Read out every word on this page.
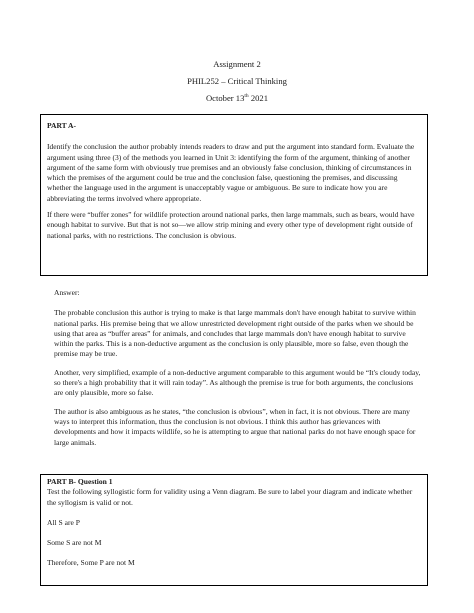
Assignment 2
PHIL252 – Critical Thinking
October 13th 2021
PART A-

Identify the conclusion the author probably intends readers to draw and put the argument into standard form. Evaluate the argument using three (3) of the methods you learned in Unit 3: identifying the form of the argument, thinking of another argument of the same form with obviously true premises and an obviously false conclusion, thinking of circumstances in which the premises of the argument could be true and the conclusion false, questioning the premises, and discussing whether the language used in the argument is unacceptably vague or ambiguous. Be sure to indicate how you are abbreviating the terms involved where appropriate.

If there were “buffer zones” for wildlife protection around national parks, then large mammals, such as bears, would have enough habitat to survive. But that is not so—we allow strip mining and every other type of development right outside of national parks, with no restrictions. The conclusion is obvious.

Answer:

The probable conclusion this author is trying to make is that large mammals don't have enough habitat to survive within national parks. His premise being that we allow unrestricted development right outside of the parks when we should be using that area as “buffer areas” for animals, and concludes that large mammals don't have enough habitat to survive within the parks. This is a non-deductive argument as the conclusion is only plausible, more so false, even though the premise may be true.

Another, very simplified, example of a non-deductive argument comparable to this argument would be “It's cloudy today, so there's a high probability that it will rain today”. As although the premise is true for both arguments, the conclusions are only plausible, more so false.

The author is also ambiguous as he states, “the conclusion is obvious”, when in fact, it is not obvious. There are many ways to interpret this information, thus the conclusion is not obvious. I think this author has grievances with developments and how it impacts wildlife, so he is attempting to argue that national parks do not have enough space for large animals.

PART B- Question 1

Test the following syllogistic form for validity using a Venn diagram. Be sure to label your diagram and indicate whether the syllogism is valid or not.

All S are P

Some S are not M

Therefore, Some P are not M
